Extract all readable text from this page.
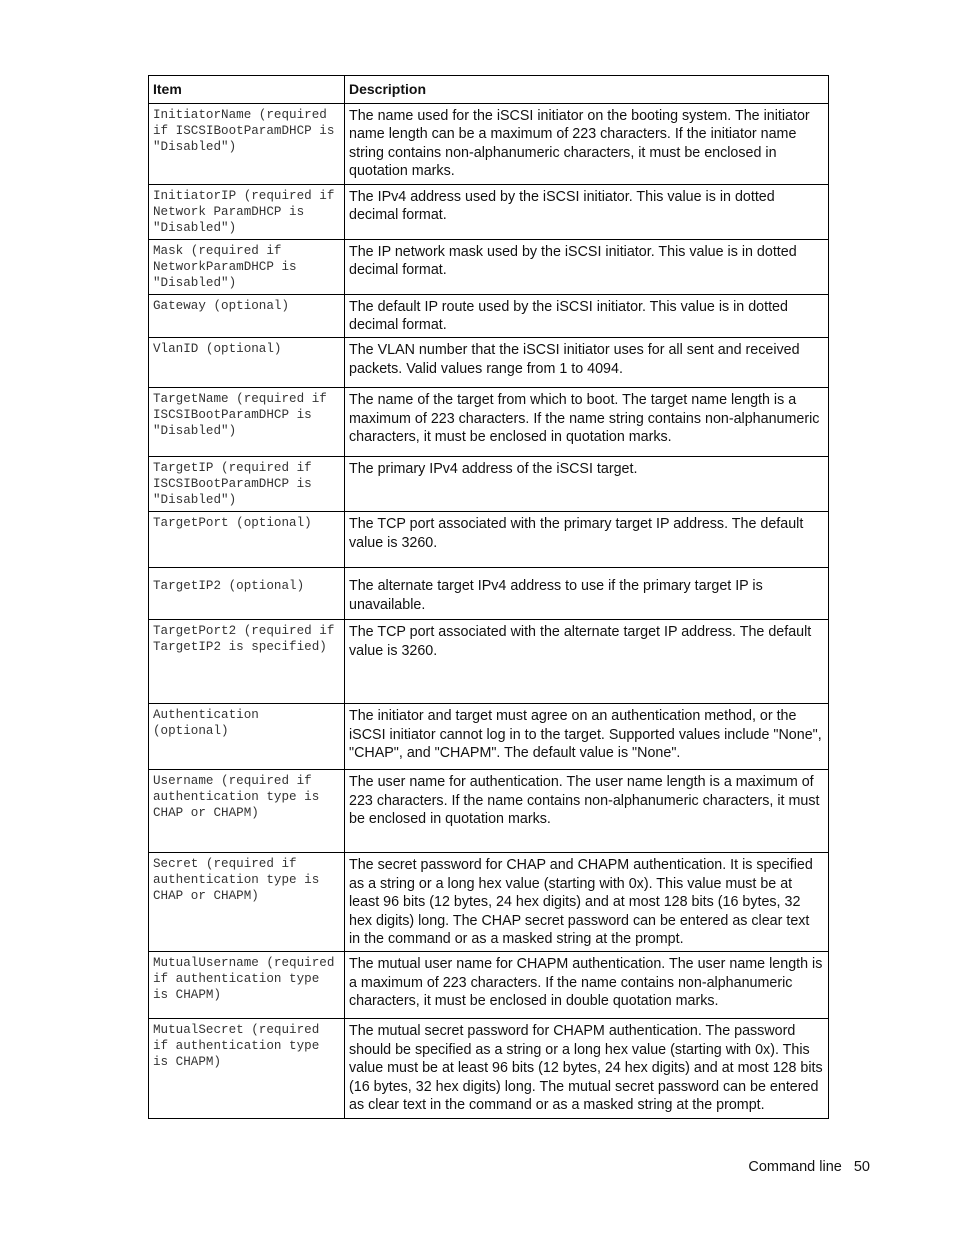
Item	Description
InitiatorName (required if ISCSIBootParamDHCP is "Disabled")	The name used for the iSCSI initiator on the booting system. The initiator name length can be a maximum of 223 characters. If the initiator name string contains non-alphanumeric characters, it must be enclosed in quotation marks.
InitiatorIP (required if Network ParamDHCP is "Disabled")	The IPv4 address used by the iSCSI initiator. This value is in dotted decimal format.
Mask (required if NetworkParamDHCP is "Disabled")	The IP network mask used by the iSCSI initiator. This value is in dotted decimal format.
Gateway (optional)	The default IP route used by the iSCSI initiator. This value is in dotted decimal format.
VlanID (optional)	The VLAN number that the iSCSI initiator uses for all sent and received packets. Valid values range from 1 to 4094.
TargetName (required if ISCSIBootParamDHCP is "Disabled")	The name of the target from which to boot. The target name length is a maximum of 223 characters. If the name string contains non-alphanumeric characters, it must be enclosed in quotation marks.
TargetIP (required if ISCSIBootParamDHCP is "Disabled")	The primary IPv4 address of the iSCSI target.
TargetPort (optional)	The TCP port associated with the primary target IP address. The default value is 3260.
TargetIP2 (optional)	The alternate target IPv4 address to use if the primary target IP is unavailable.
TargetPort2 (required if TargetIP2 is specified)	The TCP port associated with the alternate target IP address. The default value is 3260.
Authentication (optional)	The initiator and target must agree on an authentication method, or the iSCSI initiator cannot log in to the target. Supported values include "None", "CHAP", and "CHAPM". The default value is "None".
Username (required if authentication type is CHAP or CHAPM)	The user name for authentication. The user name length is a maximum of 223 characters. If the name contains non-alphanumeric characters, it must be enclosed in quotation marks.
Secret (required if authentication type is CHAP or CHAPM)	The secret password for CHAP and CHAPM authentication. It is specified as a string or a long hex value (starting with 0x). This value must be at least 96 bits (12 bytes, 24 hex digits) and at most 128 bits (16 bytes, 32 hex digits) long. The CHAP secret password can be entered as clear text in the command or as a masked string at the prompt.
MutualUsername (required if authentication type is CHAPM)	The mutual user name for CHAPM authentication. The user name length is a maximum of 223 characters. If the name contains non-alphanumeric characters, it must be enclosed in double quotation marks.
MutualSecret (required if authentication type is CHAPM)	The mutual secret password for CHAPM authentication. The password should be specified as a string or a long hex value (starting with 0x). This value must be at least 96 bits (12 bytes, 24 hex digits) and at most 128 bits (16 bytes, 32 hex digits) long. The mutual secret password can be entered as clear text in the command or as a masked string at the prompt.
Command line 50
